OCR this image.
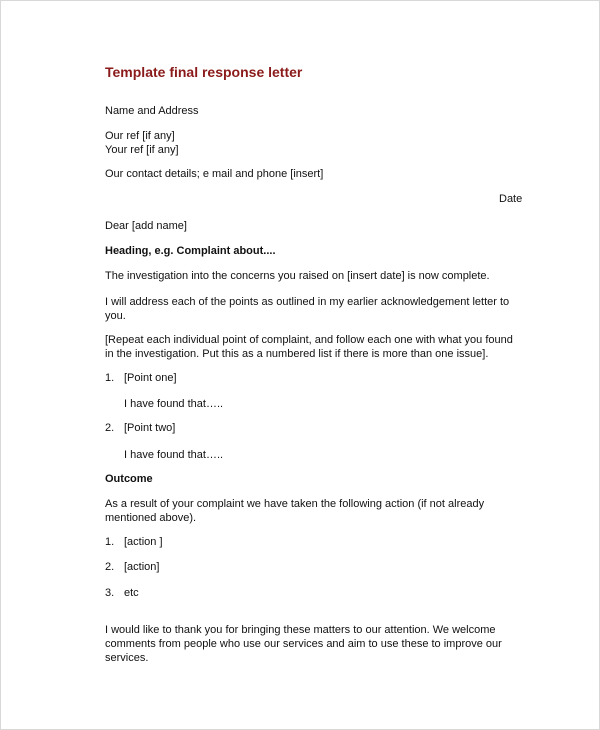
Template final response letter
Name and Address
Our ref [if any]
Your ref [if any]
Our contact details; e mail and phone [insert]
Date
Dear [add name]
Heading, e.g. Complaint about....
The investigation into the concerns you raised on [insert date] is now complete.
I will address each of the points as outlined in my earlier acknowledgement letter to
you.
[Repeat each individual point of complaint, and follow each one with what you found
in the investigation. Put this as a numbered list if there is more than one issue].
1. [Point one]
I have found that…..
2. [Point two]
I have found that…..
Outcome
As a result of your complaint we have taken the following action (if not already
mentioned above).
1. [action ]
2. [action]
3. etc
I would like to thank you for bringing these matters to our attention. We welcome
comments from people who use our services and aim to use these to improve our
services.
